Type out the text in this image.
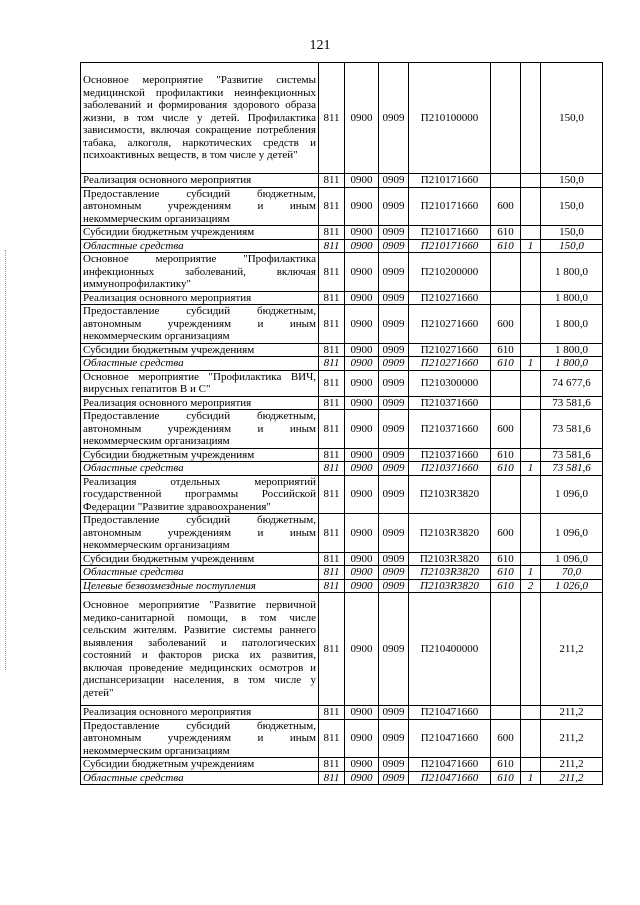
121
Основное мероприятие "Развитие системы медицинской профилактики неинфекционных заболеваний и формирования здорового образа жизни, в том числе у детей. Профилактика зависимости, включая сокращение потребления табака, алкоголя, наркотических средств и психоактивных веществ, в том числе у детей"	811	0900	0909	П210100000			150,0
Реализация основного мероприятия	811	0900	0909	П210171660			150,0
Предоставление субсидий бюджетным, автономным учреждениям и иным некоммерческим организациям	811	0900	0909	П210171660	600		150,0
Субсидии бюджетным учреждениям	811	0900	0909	П210171660	610		150,0
Областные средства	811	0900	0909	П210171660	610	1	150,0
Основное мероприятие "Профилактика инфекционных заболеваний, включая иммунопрофилактику"	811	0900	0909	П210200000			1 800,0
Реализация основного мероприятия	811	0900	0909	П210271660			1 800,0
Предоставление субсидий бюджетным, автономным учреждениям и иным некоммерческим организациям	811	0900	0909	П210271660	600		1 800,0
Субсидии бюджетным учреждениям	811	0900	0909	П210271660	610		1 800,0
Областные средства	811	0900	0909	П210271660	610	1	1 800,0
Основное мероприятие "Профилактика ВИЧ, вирусных гепатитов В и С"	811	0900	0909	П210300000			74 677,6
Реализация основного мероприятия	811	0900	0909	П210371660			73 581,6
Предоставление субсидий бюджетным, автономным учреждениям и иным некоммерческим организациям	811	0900	0909	П210371660	600		73 581,6
Субсидии бюджетным учреждениям	811	0900	0909	П210371660	610		73 581,6
Областные средства	811	0900	0909	П210371660	610	1	73 581,6
Реализация отдельных мероприятий государственной программы Российской Федерации "Развитие здравоохранения"	811	0900	0909	П2103R3820			1 096,0
Предоставление субсидий бюджетным, автономным учреждениям и иным некоммерческим организациям	811	0900	0909	П2103R3820	600		1 096,0
Субсидии бюджетным учреждениям	811	0900	0909	П2103R3820	610		1 096,0
Областные средства	811	0900	0909	П2103R3820	610	1	70,0
Целевые безвозмездные поступления	811	0900	0909	П2103R3820	610	2	1 026,0
Основное мероприятие "Развитие первичной медико-санитарной помощи, в том числе сельским жителям. Развитие системы раннего выявления заболеваний и патологических состояний и факторов риска их развития, включая проведение медицинских осмотров и диспансеризации населения, в том числе у детей"	811	0900	0909	П210400000			211,2
Реализация основного мероприятия	811	0900	0909	П210471660			211,2
Предоставление субсидий бюджетным, автономным учреждениям и иным некоммерческим организациям	811	0900	0909	П210471660	600		211,2
Субсидии бюджетным учреждениям	811	0900	0909	П210471660	610		211,2
Областные средства	811	0900	0909	П210471660	610	1	211,2
